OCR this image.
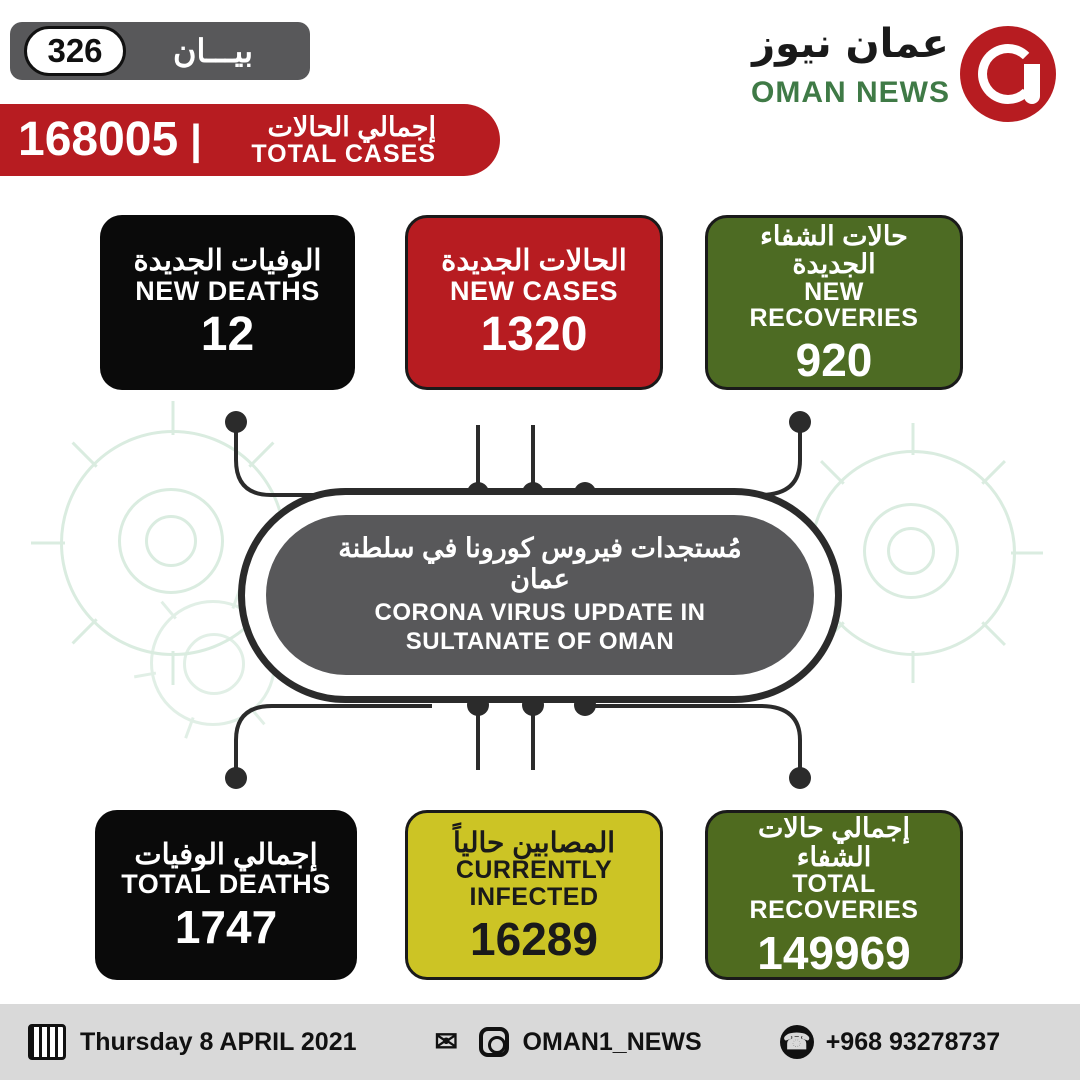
326	بيـــان
168005 |	إجمالي الحالات
TOTAL CASES
عمان نيوز
OMAN NEWS
مُستجدات فيروس كورونا في سلطنة عمان
CORONA VIRUS UPDATE IN SULTANATE OF OMAN
الوفيات الجديدة
NEW DEATHS
12
الحالات الجديدة
NEW CASES
1320
حالات الشفاء الجديدة
NEW RECOVERIES
920
إجمالي الوفيات
TOTAL DEATHS
1747
المصابين حالياً
CURRENTLY INFECTED
16289
إجمالي حالات الشفاء
TOTAL RECOVERIES
149969
Thursday 8 APRIL 2021	✉	OMAN1_NEWS	☎ +968 93278737
